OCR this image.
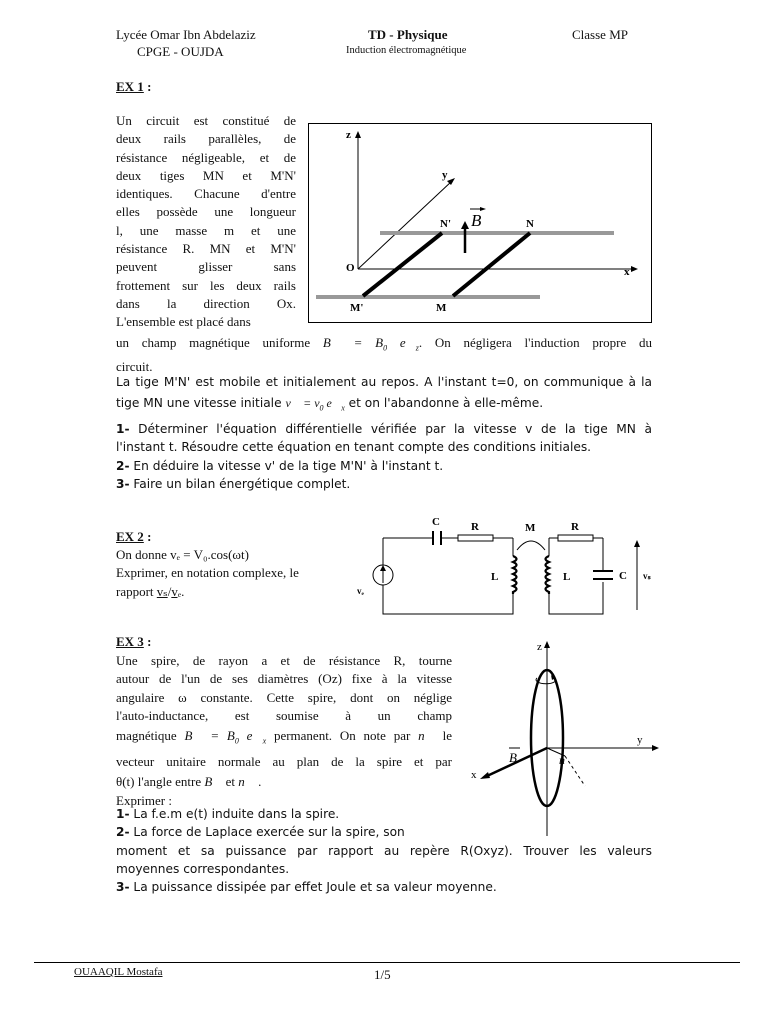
Lycée Omar Ibn Abdelaziz
CPGE - OUJDA
TD - Physique
Induction électromagnétique
Classe MP
EX 1 :
Un circuit est constitué de
deux rails parallèles, de
résistance négligeable, et de
deux tiges MN et M'N'
identiques. Chacune d'entre
elles possède une longueur
l, une masse m et une
résistance R. MN et M'N'
peuvent glisser sans
frottement sur les deux rails
dans la direction Ox.
L'ensemble est placé dans
z
x
y
O
N'	N
M'	M
B
un champ magnétique uniforme B⃗ = $B_0$ $e⃗_z$. On négligera l'induction propre du
circuit.
La tige M'N' est mobile et initialement au repos. A l'instant t=0, on communique à la
tige MN une vitesse initiale v⃗ = $v_0$ $e⃗_x$ et on l'abandonne à elle-même.
1- Déterminer l'équation différentielle vérifiée par la vitesse v de la tige MN à
l'instant t. Résoudre cette équation en tenant compte des conditions initiales.
2- En déduire la vitesse v' de la tige M'N' à l'instant t.
3- Faire un bilan énergétique complet.
EX 2 :
On donne vₑ = V₀.cos(ωt)
Exprimer, en notation complexe, le
rapport vₛ/vₑ.
C	R	M	R
L	L	C vₛ
vₑ
EX 3 :
Une spire, de rayon a et de résistance R, tourne
autour de l'un de ses diamètres (Oz) fixe à la vitesse
angulaire ω constante. Cette spire, dont on néglige
l'auto-inductance, est soumise à un champ
magnétique B⃗ = $B_0$ $e⃗_x$ permanent. On note par n⃗ le
vecteur unitaire normale au plan de la spire et par
θ(t) l'angle entre B⃗ et n⃗ .
Exprimer :
1- La f.e.m e(t) induite dans la spire.
2- La force de Laplace exercée sur la spire, son
moment et sa puissance par rapport au repère R(Oxyz). Trouver les valeurs
moyennes correspondantes.
3- La puissance dissipée par effet Joule et sa valeur moyenne.
z
y
x
B	n
OUAAQIL Mostafa	1/5
